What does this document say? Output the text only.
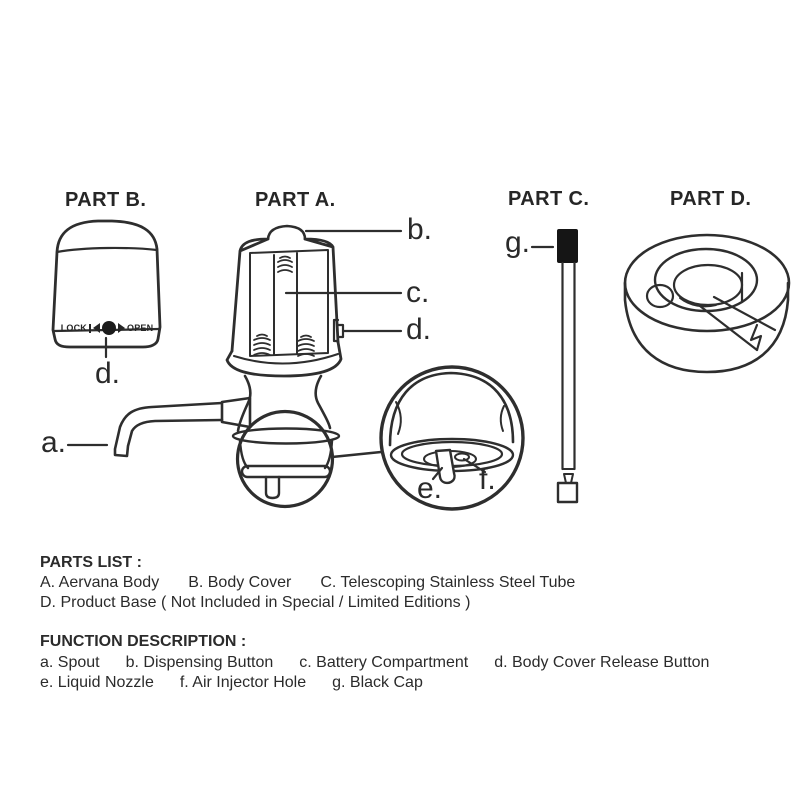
PART B.	PART A.	PART C.	PART D.
LOCK	OPEN
b.
c.
d.
d.
a.
e. f.
g.
PARTS LIST :
A. Aervana Body B. Body Cover C. Telescoping Stainless Steel Tube
D. Product Base ( Not Included in Special / Limited Editions )
FUNCTION DESCRIPTION :
a. Spout b. Dispensing Button c. Battery Compartment d. Body Cover Release Button
e. Liquid Nozzle f. Air Injector Hole g. Black Cap
